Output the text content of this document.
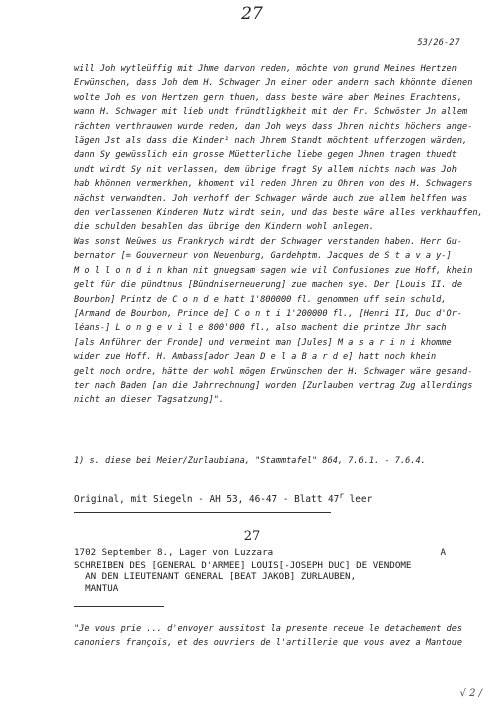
27
53/26-27
will Joh wytleüffig mit Jhme darvon reden, möchte von grund Meines Hertzen
Erwünschen, dass Joh dem H. Schwager Jn einer oder andern sach khönnte dienen
wolte Joh es von Hertzen gern thuen, dass beste wäre aber Meines Erachtens,
wann H. Schwager mit lieb undt fründtligkheit mit der Fr. Schwöster Jn allem
rächten verthrauwen wurde reden, dan Joh weys dass Jhren nichts höchers ange-
lägen Jst als dass die Kinder¹ nach Jhrem Standt möchtent ufferzogen wärden,
dann Sy gewüsslich ein grosse Müetterliche liebe gegen Jhnen tragen thuedt
undt wirdt Sy nit verlassen, dem übrige fragt Sy allem nichts nach was Joh
hab khönnen vermerkhen, khoment vil reden Jhren zu Ohren von des H. Schwagers
nächst verwandten. Joh verhoff der Schwager wärde auch zue allem helffen was
den verlassenen Kinderen Nutz wirdt sein, und das beste wäre alles verkhauffen,
die schulden besahlen das übrige den Kindern wohl anlegen.
Was sonst Neüwes us Frankrych wirdt der Schwager verstanden haben. Herr Gu-
bernator [= Gouverneur von Neuenburg, Gardehptm. Jacques de S t a v a y-]
M o l l o n d i n khan nit gnuegsam sagen wie vil Confusiones zue Hoff, khein
gelt für die pündtnus [Bündniserneuerung] zue machen sye. Der [Louis II. de
Bourbon] Printz de C o n d e hatt 1'800000 fl. genommen uff sein schuld,
[Armand de Bourbon, Prince de] C o n t i 1'200000 fl., [Henri II, Duc d'Or-
léans-] L o n g e v i l e 800'000 fl., also machent die printze Jhr sach
[als Anführer der Fronde] und vermeint man [Jules] M a s a r i n i khomme
wider zue Hoff. H. Ambass[ador Jean D e l a B a r d e] hatt noch khein
gelt noch ordre, hätte der wohl mögen Erwünschen der H. Schwager wäre gesand-
ter nach Baden [an die Jahrrechnung] worden [Zurlauben vertrag Zug allerdings
nicht an dieser Tagsatzung]".
1) s. diese bei Meier/Zurlaubiana, "Stammtafel" 864, 7.6.1. - 7.6.4.
Original, mit Siegeln - AH 53, 46-47 - Blatt 47$^r$ leer
27
1702 September 8., Lager von Luzzara	A
SCHREIBEN DES [GENERAL D'ARMEE] LOUIS[-JOSEPH DUC] DE VENDOME
AN DEN LIEUTENANT GENERAL [BEAT JAKOB] ZURLAUBEN,
MANTUA
"Je vous prie ... d'envoyer aussitost la presente receue le detachement des
canoniers françois, et des ouvriers de l'artillerie que vous avez a Mantoue
√ 2 /
